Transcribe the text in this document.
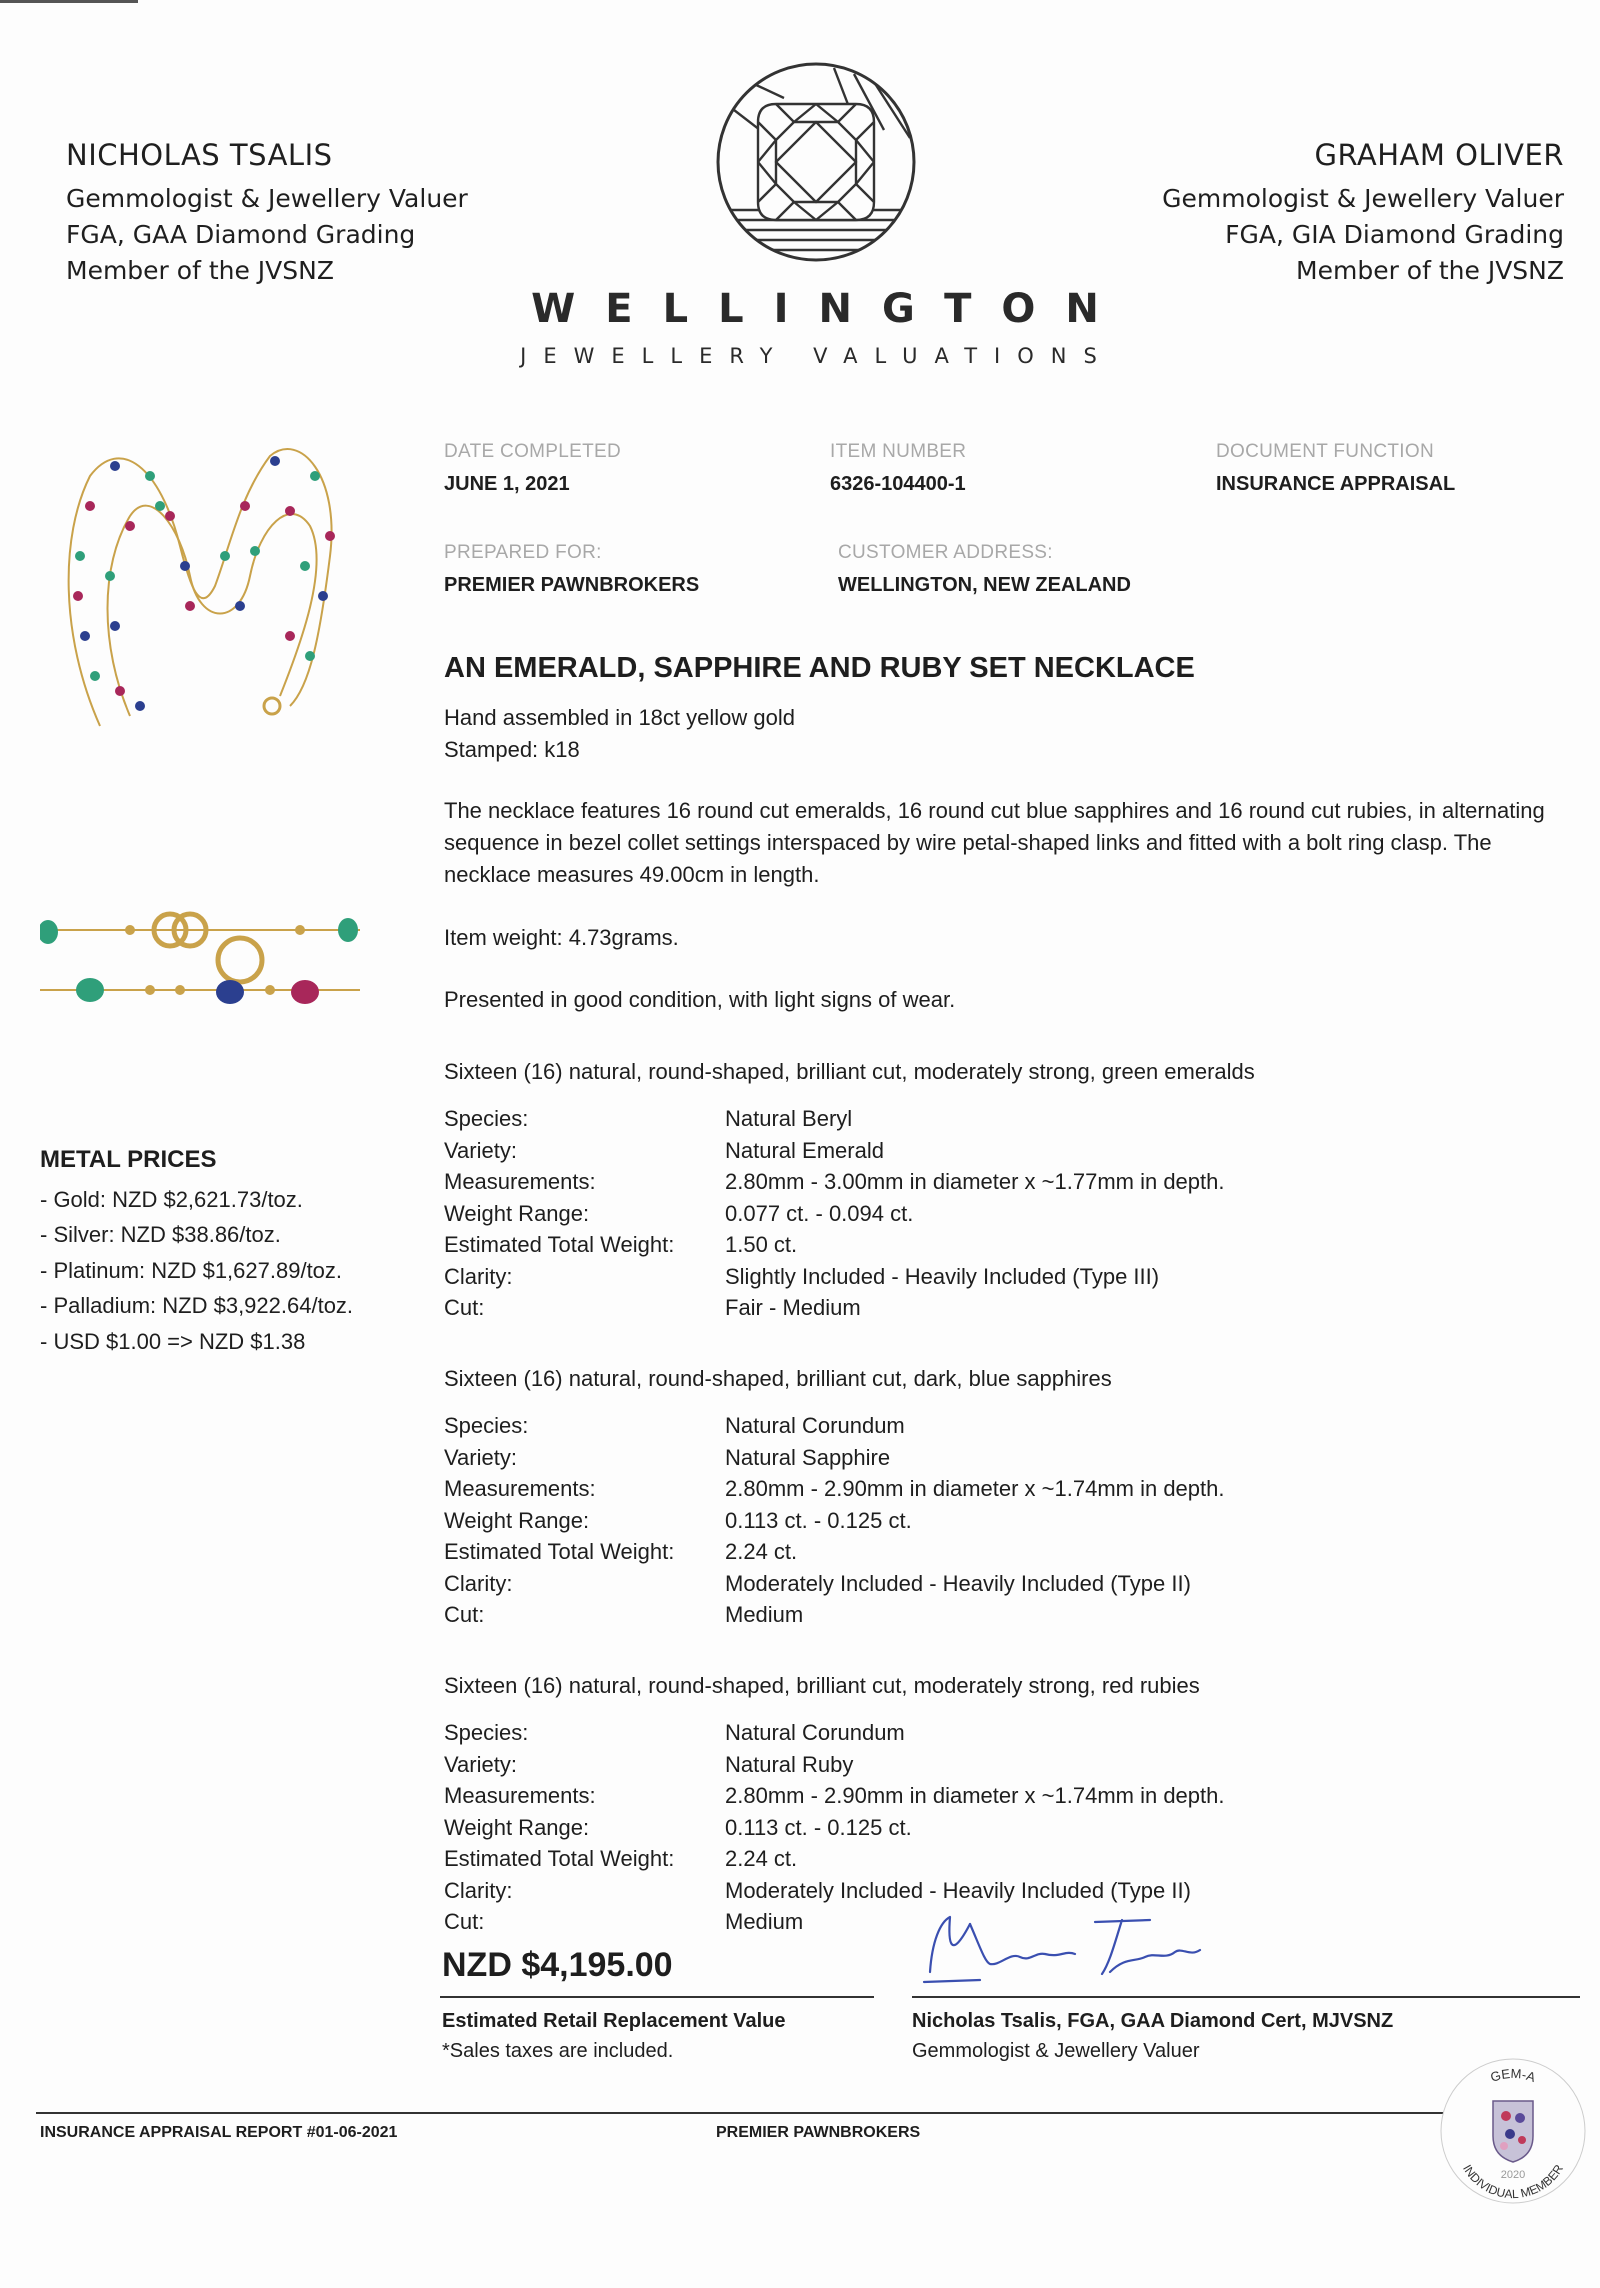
NICHOLAS TSALIS
Gemmologist & Jewellery Valuer
FGA, GAA Diamond Grading
Member of the JVSNZ
GRAHAM OLIVER
Gemmologist & Jewellery Valuer
FGA, GIA Diamond Grading
Member of the JVSNZ
WELLINGTON
JEWELLERY VALUATIONS
DATE COMPLETED
JUNE 1, 2021
ITEM NUMBER
6326-104400-1
DOCUMENT FUNCTION
INSURANCE APPRAISAL
PREPARED FOR:
PREMIER PAWNBROKERS
CUSTOMER ADDRESS:
WELLINGTON, NEW ZEALAND
AN EMERALD, SAPPHIRE AND RUBY SET NECKLACE
Hand assembled in 18ct yellow gold
Stamped: k18
The necklace features 16 round cut emeralds, 16 round cut blue sapphires and 16 round cut rubies, in alternating sequence in bezel collet settings interspaced by wire petal-shaped links and fitted with a bolt ring clasp. The necklace measures 49.00cm in length.
Item weight: 4.73grams.
Presented in good condition, with light signs of wear.
Sixteen (16) natural, round-shaped, brilliant cut, moderately strong, green emeralds
Species:	Natural Beryl
Variety:	Natural Emerald
Measurements:	2.80mm - 3.00mm in diameter x ~1.77mm in depth.
Weight Range:	0.077 ct. - 0.094 ct.
Estimated Total Weight:	1.50 ct.
Clarity:	Slightly Included - Heavily Included (Type III)
Cut:	Fair - Medium
Sixteen (16) natural, round-shaped, brilliant cut, dark, blue sapphires
Species:	Natural Corundum
Variety:	Natural Sapphire
Measurements:	2.80mm - 2.90mm in diameter x ~1.74mm in depth.
Weight Range:	0.113 ct. - 0.125 ct.
Estimated Total Weight:	2.24 ct.
Clarity:	Moderately Included - Heavily Included (Type II)
Cut:	Medium
Sixteen (16) natural, round-shaped, brilliant cut, moderately strong, red rubies
Species:	Natural Corundum
Variety:	Natural Ruby
Measurements:	2.80mm - 2.90mm in diameter x ~1.74mm in depth.
Weight Range:	0.113 ct. - 0.125 ct.
Estimated Total Weight:	2.24 ct.
Clarity:	Moderately Included - Heavily Included (Type II)
Cut:	Medium
METAL PRICES
- Gold: NZD $2,621.73/toz.
- Silver: NZD $38.86/toz.
- Platinum: NZD $1,627.89/toz.
- Palladium: NZD $3,922.64/toz.
- USD $1.00 => NZD $1.38
NZD $4,195.00
Estimated Retail Replacement Value
*Sales taxes are included.
Nicholas Tsalis, FGA, GAA Diamond Cert, MJVSNZ
Gemmologist & Jewellery Valuer
INSURANCE APPRAISAL REPORT #01-06-2021	PREMIER PAWNBROKERS
GEM-A
INDIVIDUAL MEMBER
2020
